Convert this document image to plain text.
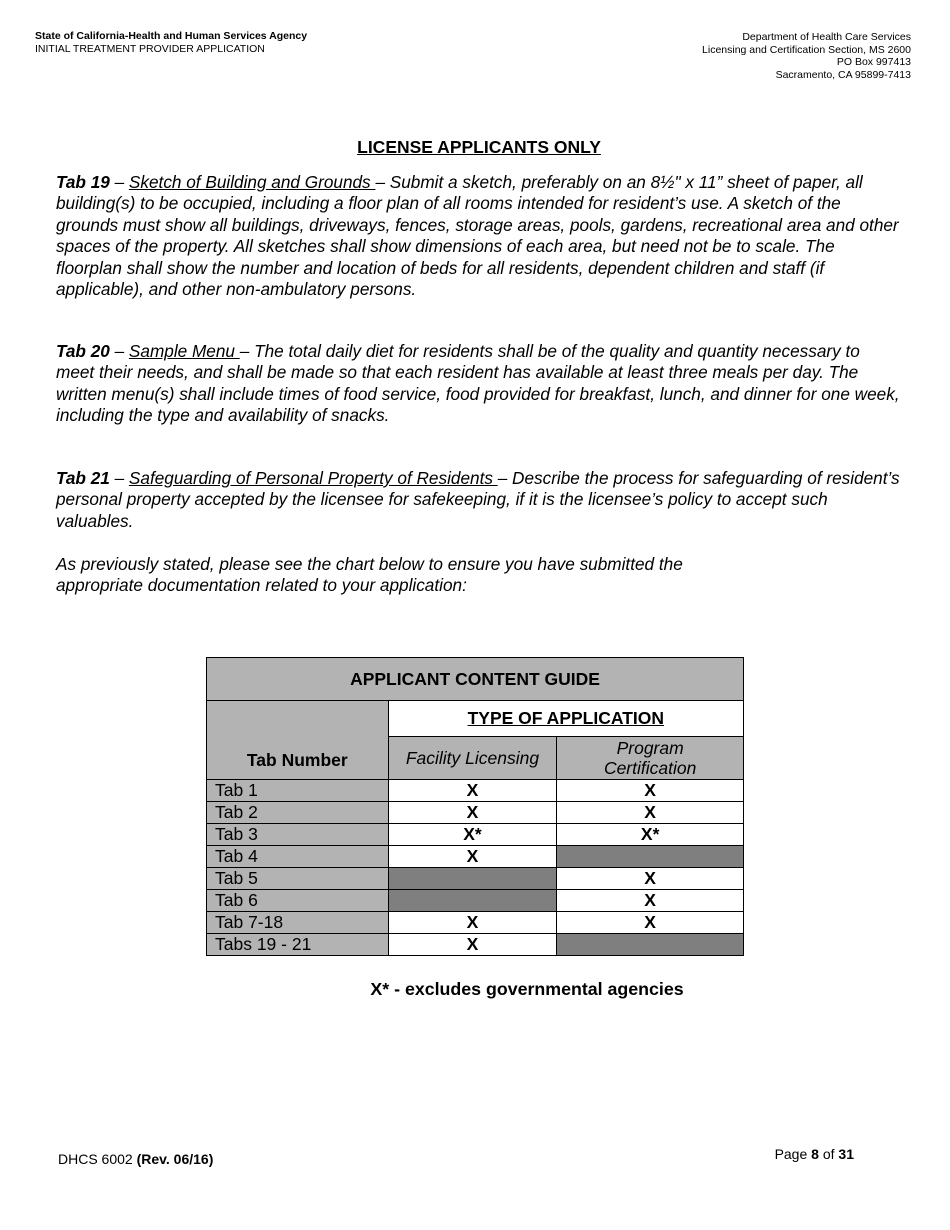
State of California-Health and Human Services Agency
INITIAL TREATMENT PROVIDER APPLICATION
Department of Health Care Services
Licensing and Certification Section, MS 2600
PO Box 997413
Sacramento, CA 95899-7413
LICENSE APPLICANTS ONLY
Tab 19 – Sketch of Building and Grounds – Submit a sketch, preferably on an 8½" x 11” sheet of paper, all building(s) to be occupied, including a floor plan of all rooms intended for resident’s use. A sketch of the grounds must show all buildings, driveways, fences, storage areas, pools, gardens, recreational area and other spaces of the property. All sketches shall show dimensions of each area, but need not be to scale. The floorplan shall show the number and location of beds for all residents, dependent children and staff (if applicable), and other non-ambulatory persons.
Tab 20 – Sample Menu – The total daily diet for residents shall be of the quality and quantity necessary to meet their needs, and shall be made so that each resident has available at least three meals per day. The written menu(s) shall include times of food service, food provided for breakfast, lunch, and dinner for one week, including the type and availability of snacks.
Tab 21 – Safeguarding of Personal Property of Residents – Describe the process for safeguarding of resident’s personal property accepted by the licensee for safekeeping, if it is the licensee’s policy to accept such valuables.
As previously stated, please see the chart below to ensure you have submitted the appropriate documentation related to your application:
APPLICANT CONTENT GUIDE		
Tab Number	TYPE OF APPLICATION	
	Facility Licensing	Program
Certification

Tab 1	X	X
Tab 2	X	X
Tab 3	X*	X*
Tab 4	X	
Tab 5		X
Tab 6		X
Tab 7-18	X	X
Tabs 19 - 21	X	
X* - excludes governmental agencies
DHCS 6002 (Rev. 06/16)	Page 8 of 31
